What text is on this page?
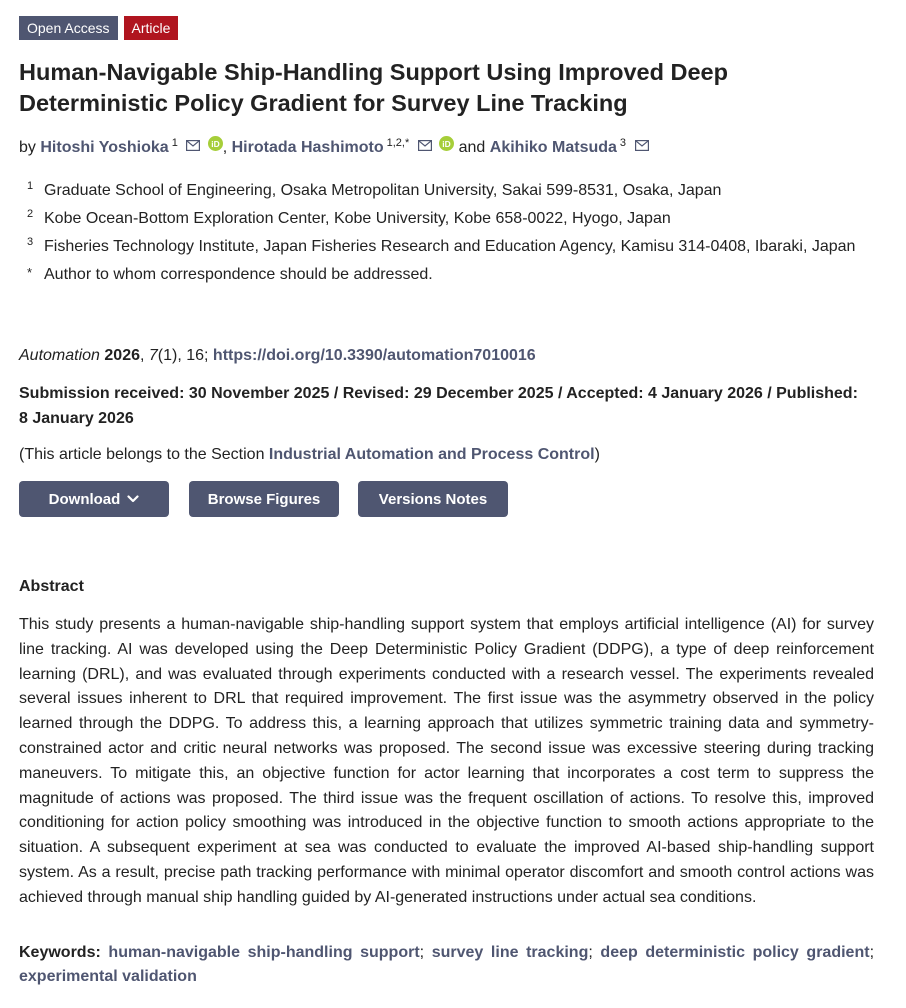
Open Access	Article
Human-Navigable Ship-Handling Support Using Improved Deep Deterministic Policy Gradient for Survey Line Tracking
by Hitoshi Yoshioka $^1$	iD , Hirotada Hashimoto $^{1,2,*}$	iD and Akihiko Matsuda $^3$
1 Graduate School of Engineering, Osaka Metropolitan University, Sakai 599-8531, Osaka, Japan
2 Kobe Ocean-Bottom Exploration Center, Kobe University, Kobe 658-0022, Hyogo, Japan
3 Fisheries Technology Institute, Japan Fisheries Research and Education Agency, Kamisu 314-0408, Ibaraki, Japan
* Author to whom correspondence should be addressed.
Automation 2026, 7(1), 16; https://doi.org/10.3390/automation7010016
Submission received: 30 November 2025 / Revised: 29 December 2025 / Accepted: 4 January 2026 / Published: 8 January 2026
(This article belongs to the Section Industrial Automation and Process Control)
Download	Browse Figures	Versions Notes
Abstract

This study presents a human-navigable ship-handling support system that employs artificial intelligence (AI) for survey line tracking. AI was developed using the Deep Deterministic Policy Gradient (DDPG), a type of deep reinforcement learning (DRL), and was evaluated through experiments conducted with a research vessel. The experiments revealed several issues inherent to DRL that required improvement. The first issue was the asymmetry observed in the policy learned through the DDPG. To address this, a learning approach that utilizes symmetric training data and symmetry-constrained actor and critic neural networks was proposed. The second issue was excessive steering during tracking maneuvers. To mitigate this, an objective function for actor learning that incorporates a cost term to suppress the magnitude of actions was proposed. The third issue was the frequent oscillation of actions. To resolve this, improved conditioning for action policy smoothing was introduced in the objective function to smooth actions appropriate to the situation. A subsequent experiment at sea was conducted to evaluate the improved AI-based ship-handling support system. As a result, precise path tracking performance with minimal operator discomfort and smooth control actions was achieved through manual ship handling guided by AI-generated instructions under actual sea conditions.

Keywords: human-navigable ship-handling support; survey line tracking; deep deterministic policy gradient; experimental validation
